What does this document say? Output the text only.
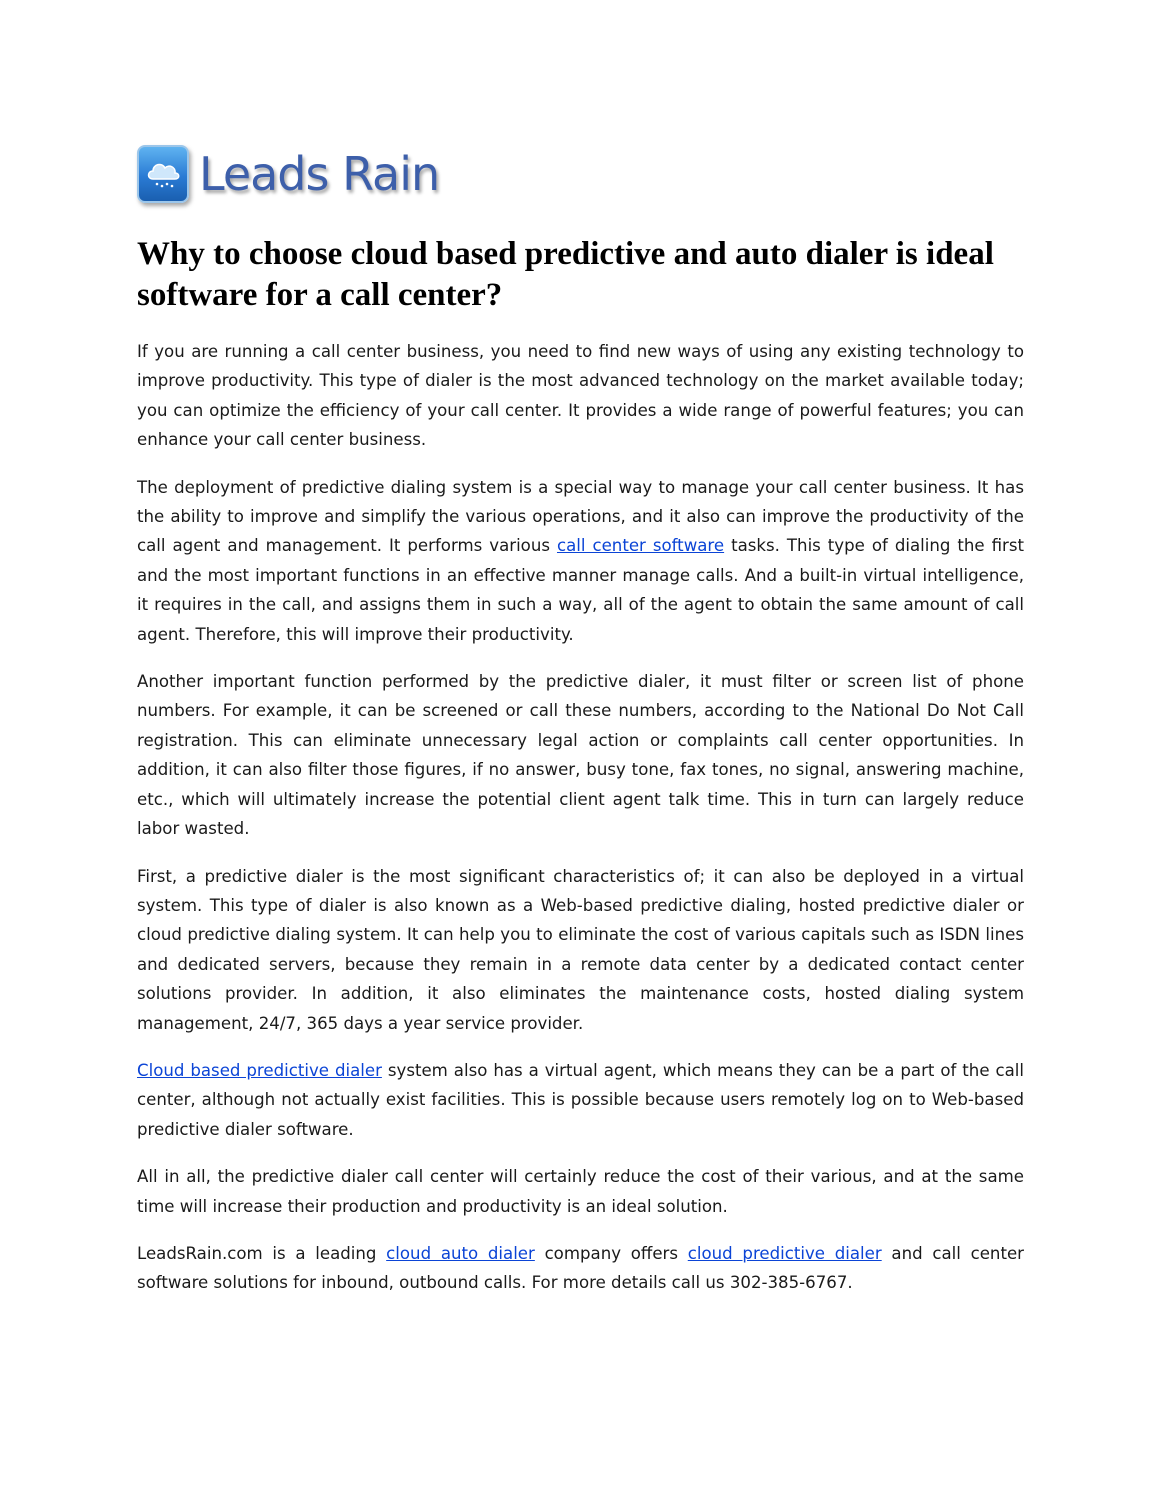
Leads Rain
Why to choose cloud based predictive and auto dialer is ideal software for a call center?

If you are running a call center business, you need to find new ways of using any existing technology to improve productivity. This type of dialer is the most advanced technology on the market available today; you can optimize the efficiency of your call center. It provides a wide range of powerful features; you can enhance your call center business.

The deployment of predictive dialing system is a special way to manage your call center business. It has the ability to improve and simplify the various operations, and it also can improve the productivity of the call agent and management. It performs various call center software tasks. This type of dialing the first and the most important functions in an effective manner manage calls. And a built-in virtual intelligence, it requires in the call, and assigns them in such a way, all of the agent to obtain the same amount of call agent. Therefore, this will improve their productivity.

Another important function performed by the predictive dialer, it must filter or screen list of phone numbers. For example, it can be screened or call these numbers, according to the National Do Not Call registration. This can eliminate unnecessary legal action or complaints call center opportunities. In addition, it can also filter those figures, if no answer, busy tone, fax tones, no signal, answering machine, etc., which will ultimately increase the potential client agent talk time. This in turn can largely reduce labor wasted.

First, a predictive dialer is the most significant characteristics of; it can also be deployed in a virtual system. This type of dialer is also known as a Web-based predictive dialing, hosted predictive dialer or cloud predictive dialing system. It can help you to eliminate the cost of various capitals such as ISDN lines and dedicated servers, because they remain in a remote data center by a dedicated contact center solutions provider. In addition, it also eliminates the maintenance costs, hosted dialing system management, 24/7, 365 days a year service provider.

Cloud based predictive dialer system also has a virtual agent, which means they can be a part of the call center, although not actually exist facilities. This is possible because users remotely log on to Web-based predictive dialer software.

All in all, the predictive dialer call center will certainly reduce the cost of their various, and at the same time will increase their production and productivity is an ideal solution.

LeadsRain.com is a leading cloud auto dialer company offers cloud predictive dialer and call center software solutions for inbound, outbound calls. For more details call us 302-385-6767.
